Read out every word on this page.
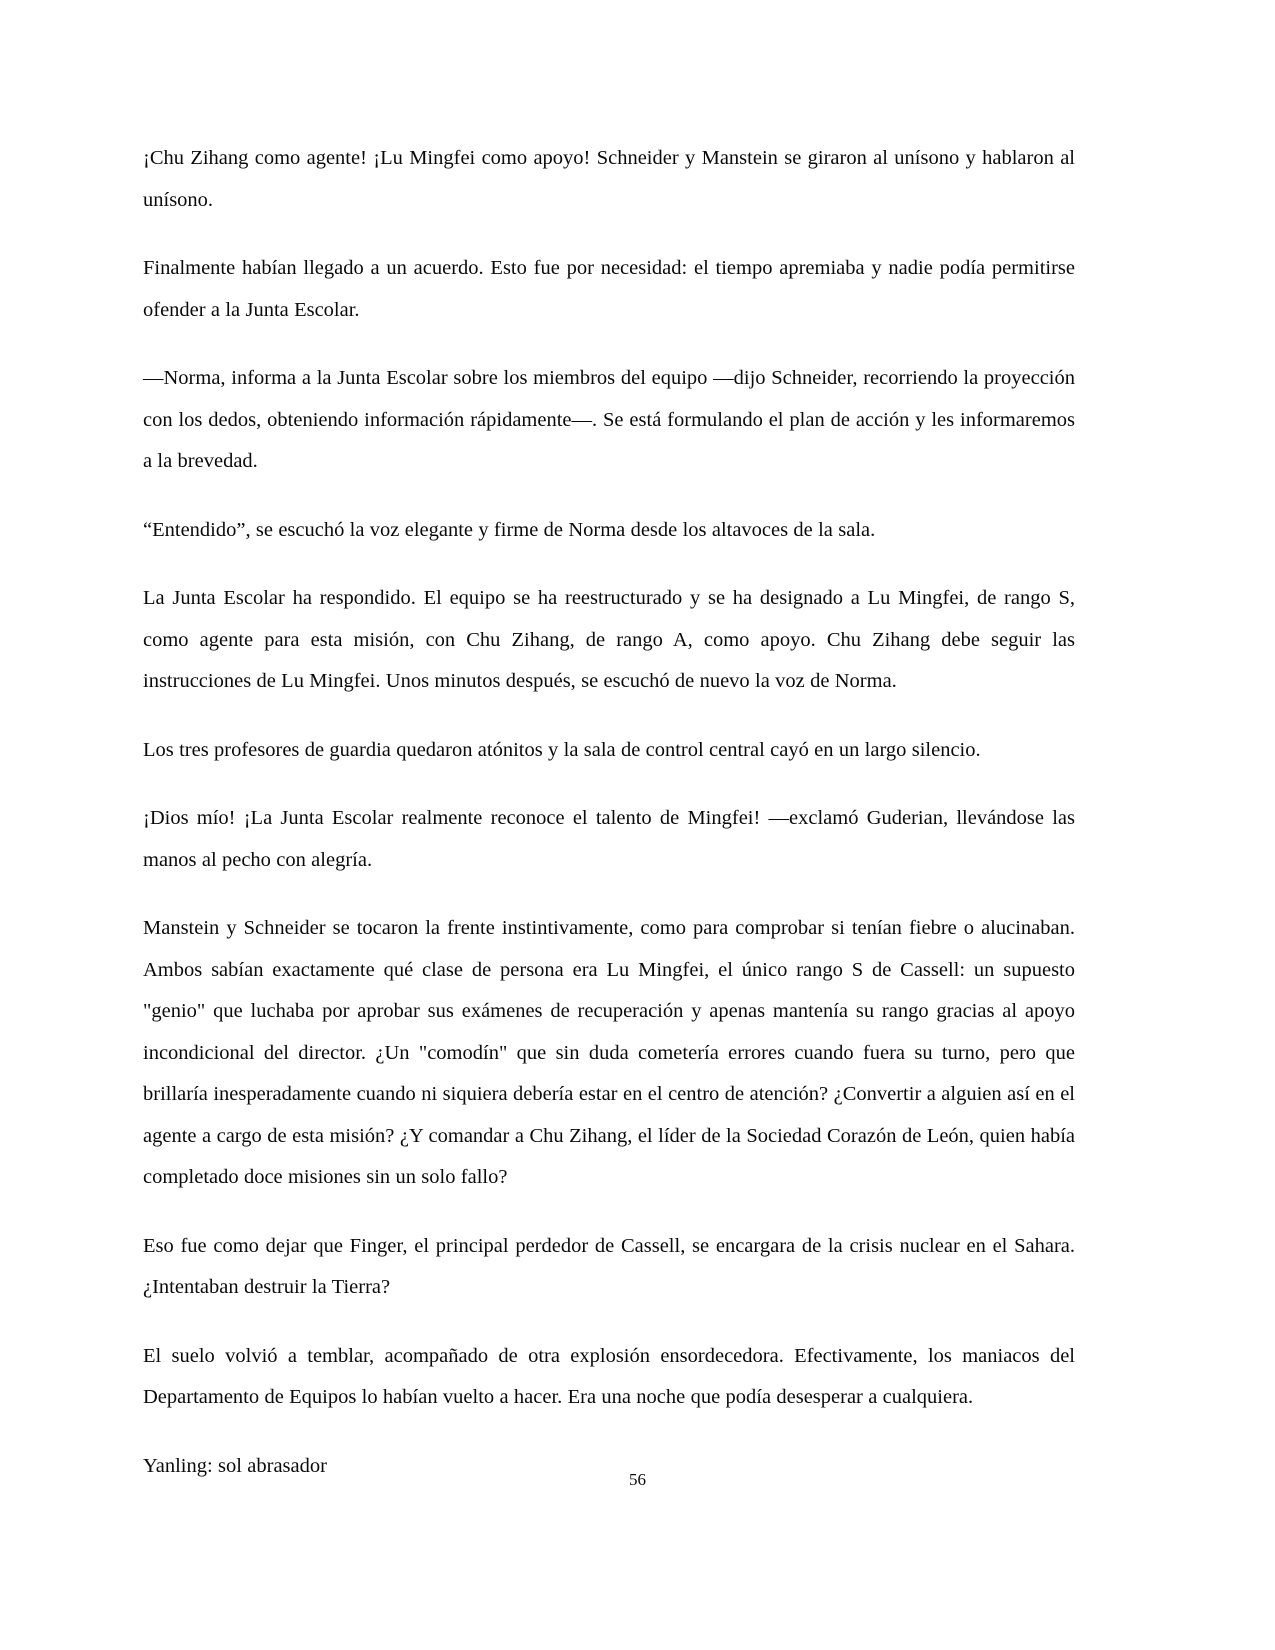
¡Chu Zihang como agente! ¡Lu Mingfei como apoyo! Schneider y Manstein se giraron al unísono y hablaron al unísono.

Finalmente habían llegado a un acuerdo. Esto fue por necesidad: el tiempo apremiaba y nadie podía permitirse ofender a la Junta Escolar.

—Norma, informa a la Junta Escolar sobre los miembros del equipo —dijo Schneider, recorriendo la proyección con los dedos, obteniendo información rápidamente—. Se está formulando el plan de acción y les informaremos a la brevedad.

“Entendido”, se escuchó la voz elegante y firme de Norma desde los altavoces de la sala.

La Junta Escolar ha respondido. El equipo se ha reestructurado y se ha designado a Lu Mingfei, de rango S, como agente para esta misión, con Chu Zihang, de rango A, como apoyo. Chu Zihang debe seguir las instrucciones de Lu Mingfei. Unos minutos después, se escuchó de nuevo la voz de Norma.

Los tres profesores de guardia quedaron atónitos y la sala de control central cayó en un largo silencio.

¡Dios mío! ¡La Junta Escolar realmente reconoce el talento de Mingfei! —exclamó Guderian, llevándose las manos al pecho con alegría.

Manstein y Schneider se tocaron la frente instintivamente, como para comprobar si tenían fiebre o alucinaban. Ambos sabían exactamente qué clase de persona era Lu Mingfei, el único rango S de Cassell: un supuesto "genio" que luchaba por aprobar sus exámenes de recuperación y apenas mantenía su rango gracias al apoyo incondicional del director. ¿Un "comodín" que sin duda cometería errores cuando fuera su turno, pero que brillaría inesperadamente cuando ni siquiera debería estar en el centro de atención? ¿Convertir a alguien así en el agente a cargo de esta misión? ¿Y comandar a Chu Zihang, el líder de la Sociedad Corazón de León, quien había completado doce misiones sin un solo fallo?

Eso fue como dejar que Finger, el principal perdedor de Cassell, se encargara de la crisis nuclear en el Sahara. ¿Intentaban destruir la Tierra?

El suelo volvió a temblar, acompañado de otra explosión ensordecedora. Efectivamente, los maniacos del Departamento de Equipos lo habían vuelto a hacer. Era una noche que podía desesperar a cualquiera.

Yanling: sol abrasador

56
